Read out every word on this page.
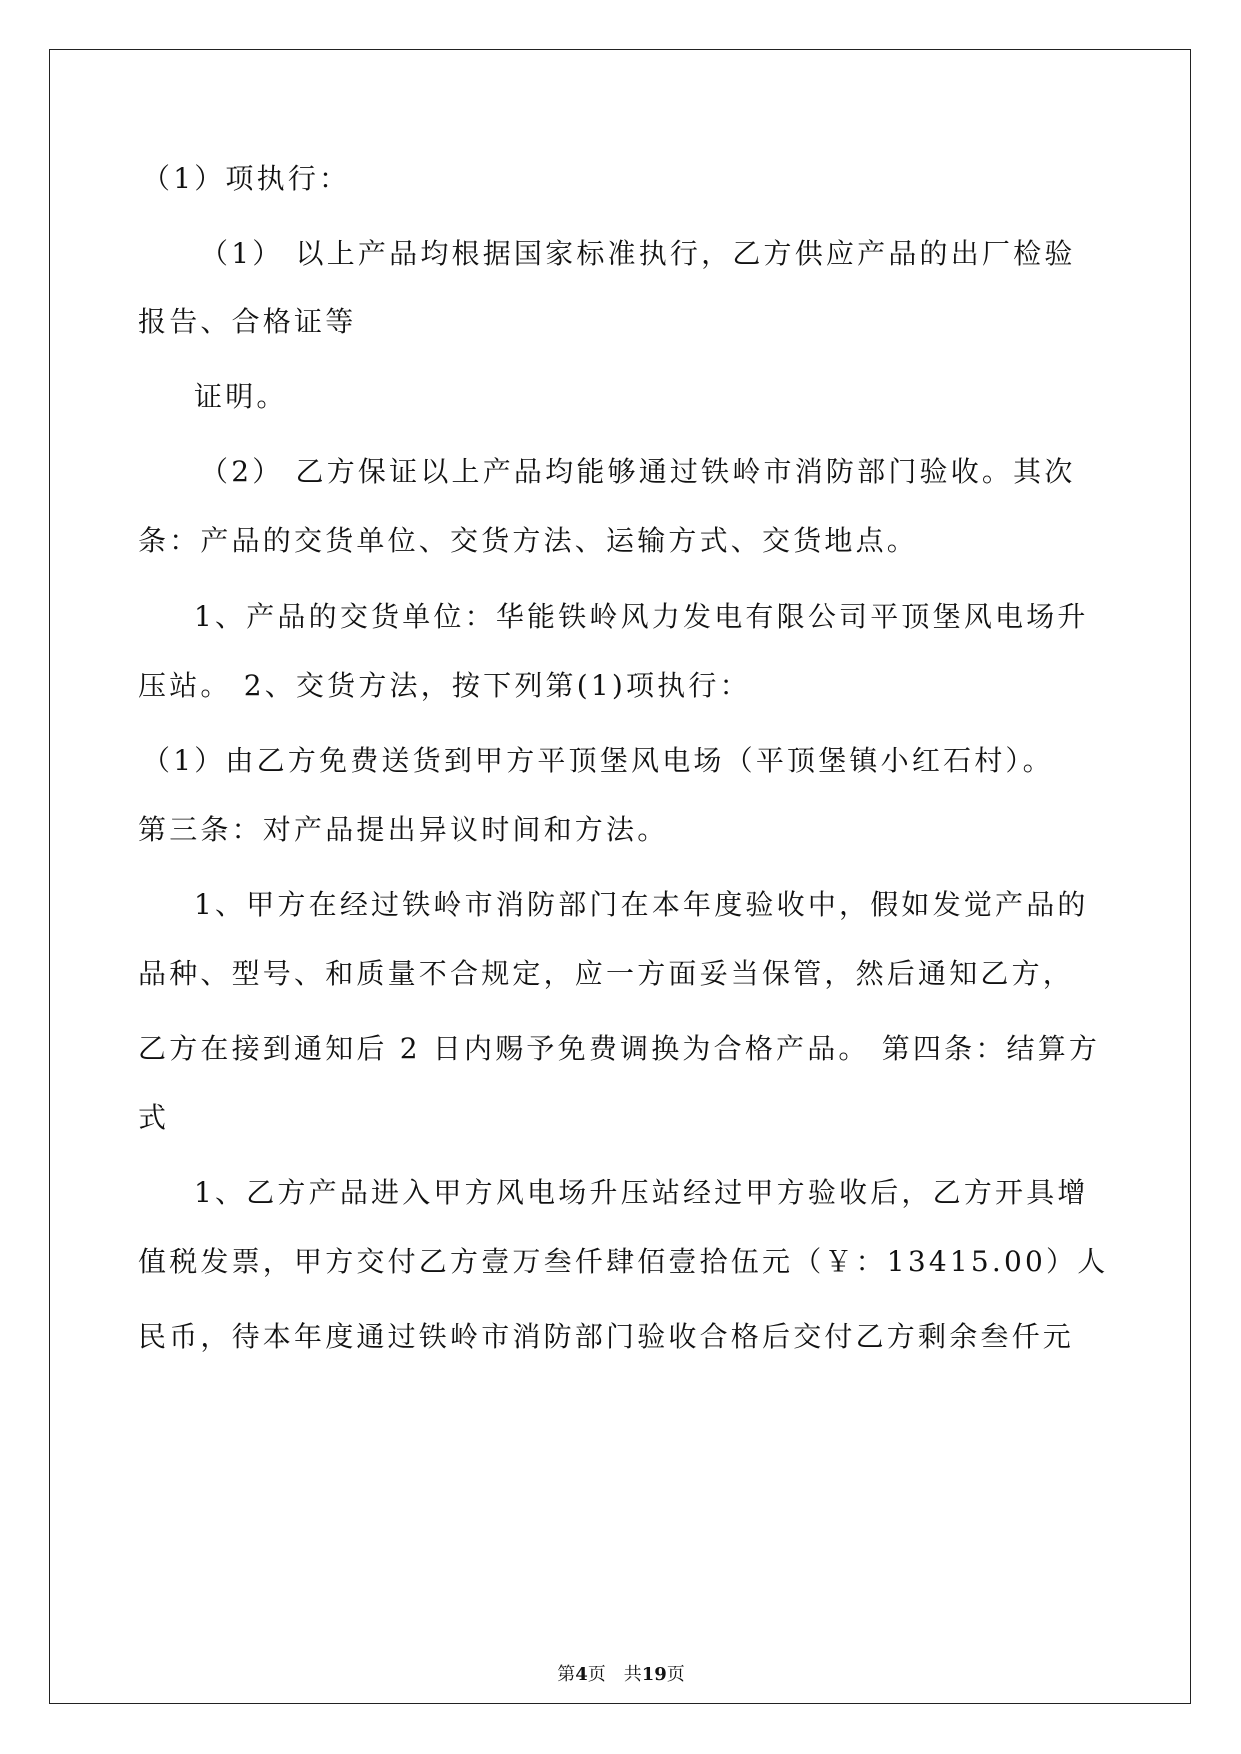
（1）项执行：
（1） 以上产品均根据国家标准执行，乙方供应产品的出厂检验
报告、合格证等
证明。
（2） 乙方保证以上产品均能够通过铁岭市消防部门验收。其次
条：产品的交货单位、交货方法、运输方式、交货地点。
1、产品的交货单位：华能铁岭风力发电有限公司平顶堡风电场升
压站。 2、交货方法，按下列第(1)项执行：
（1）由乙方免费送货到甲方平顶堡风电场（平顶堡镇小红石村）。
第三条：对产品提出异议时间和方法。
1、甲方在经过铁岭市消防部门在本年度验收中，假如发觉产品的
品种、型号、和质量不合规定，应一方面妥当保管，然后通知乙方，
乙方在接到通知后 2 日内赐予免费调换为合格产品。 第四条：结算方
式
1、乙方产品进入甲方风电场升压站经过甲方验收后，乙方开具增
值税发票，甲方交付乙方壹万叁仟肆佰壹拾伍元（￥：13415.00）人
民币，待本年度通过铁岭市消防部门验收合格后交付乙方剩余叁仟元
第4页　共19页
